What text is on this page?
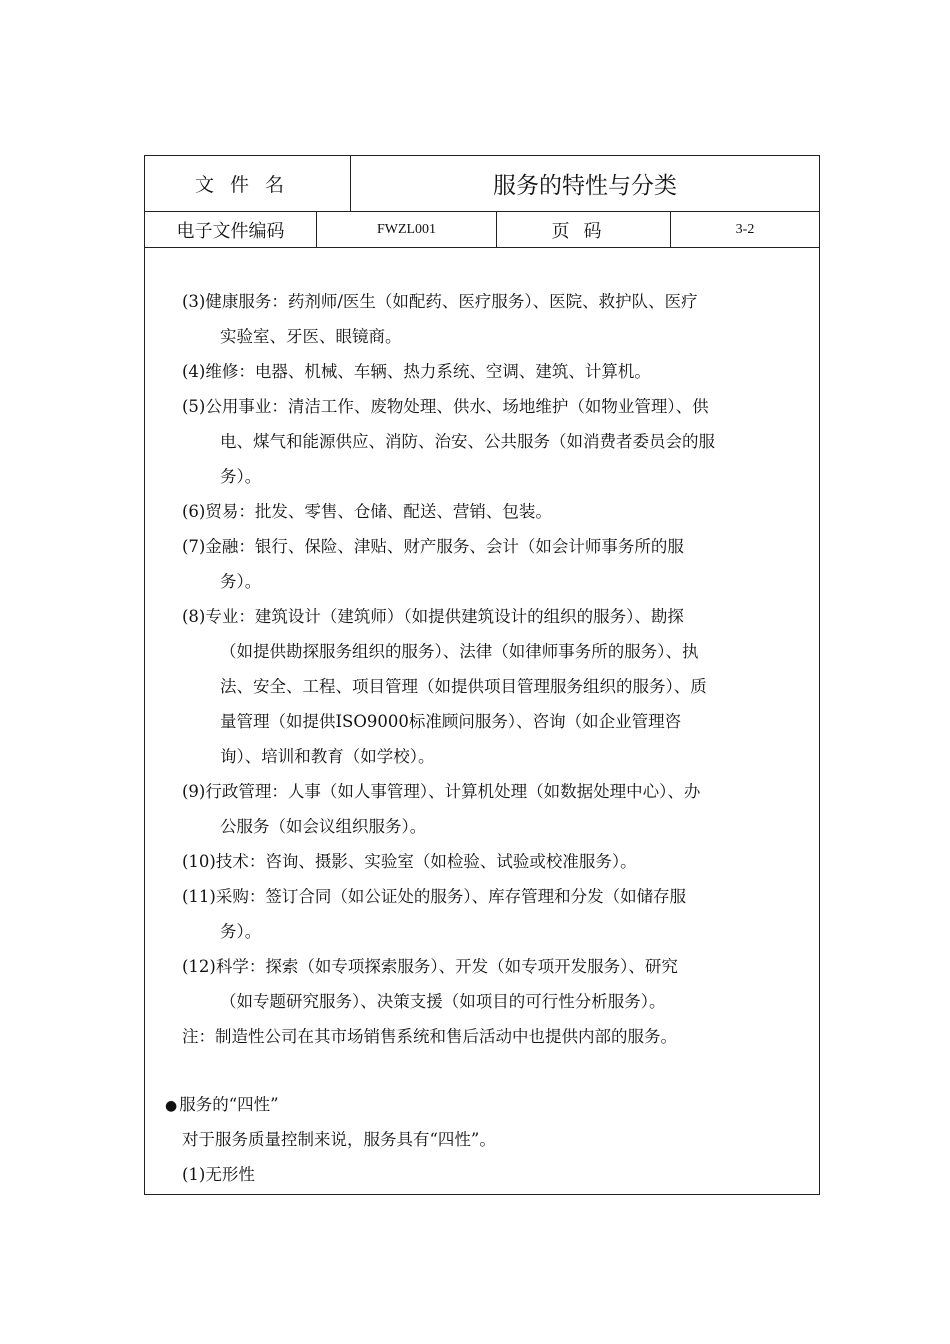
文件名	服务的特性与分类
电子文件编码	FWZL001	页码	3-2
(3)健康服务：药剂师/医生（如配药、医疗服务）、医院、救护队、医疗
实验室、牙医、眼镜商。
(4)维修：电器、机械、车辆、热力系统、空调、建筑、计算机。
(5)公用事业：清洁工作、废物处理、供水、场地维护（如物业管理）、供
电、煤气和能源供应、消防、治安、公共服务（如消费者委员会的服
务）。
(6)贸易：批发、零售、仓储、配送、营销、包装。
(7)金融：银行、保险、津贴、财产服务、会计（如会计师事务所的服
务）。
(8)专业：建筑设计（建筑师）（如提供建筑设计的组织的服务）、勘探
（如提供勘探服务组织的服务）、法律（如律师事务所的服务）、执
法、安全、工程、项目管理（如提供项目管理服务组织的服务）、质
量管理（如提供ISO9000标准顾问服务）、咨询（如企业管理咨
询）、培训和教育（如学校）。
(9)行政管理：人事（如人事管理）、计算机处理（如数据处理中心）、办
公服务（如会议组织服务）。
(10)技术：咨询、摄影、实验室（如检验、试验或校准服务）。
(11)采购：签订合同（如公证处的服务）、库存管理和分发（如储存服
务）。
(12)科学：探索（如专项探索服务）、开发（如专项开发服务）、研究
（如专题研究服务）、决策支援（如项目的可行性分析服务）。
注：制造性公司在其市场销售系统和售后活动中也提供内部的服务。
● 服务的“四性”
对于服务质量控制来说，服务具有“四性”。
(1)无形性
